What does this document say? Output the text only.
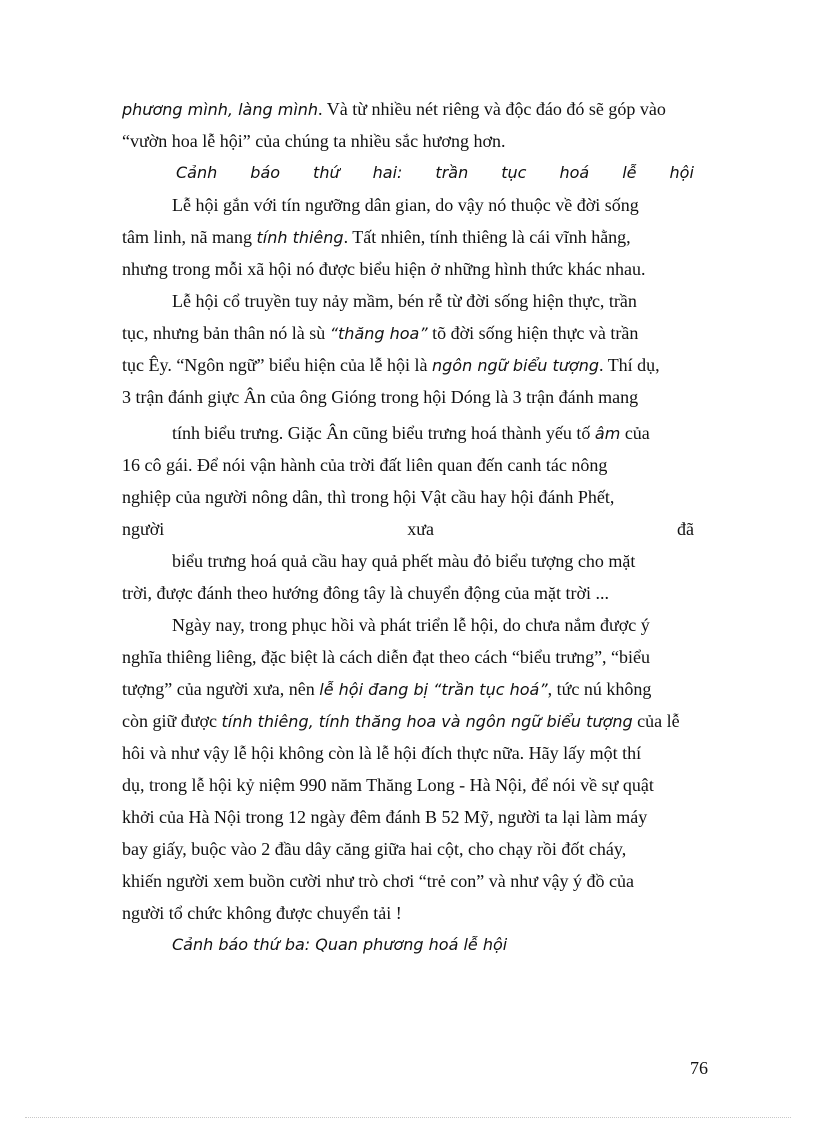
phương mình, làng mình. Và từ nhiều nét riêng và độc đáo đó sẽ góp vào
“vườn hoa lễ hội” của chúng ta nhiều sắc hương hơn.
Cảnh báo thứ hai: trần tục hoá lễ hội
Lễ hội gắn với tín ngưỡng dân gian, do vậy nó thuộc về đời sống
tâm linh, nã mang tính thiêng. Tất nhiên, tính thiêng là cái vĩnh hằng,
nhưng trong mỗi xã hội nó được biểu hiện ở những hình thức khác nhau.
Lễ hội cổ truyền tuy nảy mầm, bén rễ từ đời sống hiện thực, trần
tục, nhưng bản thân nó là sù “thăng hoa” tõ đời sống hiện thực và trần
tục Êy. “Ngôn ngữ” biểu hiện của lễ hội là ngôn ngữ biểu tượng. Thí dụ,
3 trận đánh giực Ân của ông Gióng trong hội Dóng là 3 trận đánh mang
tính biểu trưng. Giặc Ân cũng biểu trưng hoá thành yếu tố âm của
16 cô gái. Để nói vận hành của trời đất liên quan đến canh tác nông
nghiệp của người nông dân, thì trong hội Vật cầu hay hội đánh Phết,
người	xưa	đã
biểu trưng hoá quả cầu hay quả phết màu đỏ biểu tượng cho mặt
trời, được đánh theo hướng đông tây là chuyển động của mặt trời ...
Ngày nay, trong phục hồi và phát triển lễ hội, do chưa nắm được ý
nghĩa thiêng liêng, đặc biệt là cách diễn đạt theo cách “biểu trưng”, “biểu
tượng” của người xưa, nên lễ hội đang bị “trần tục hoá”, tức nú không
còn giữ được tính thiêng, tính thăng hoa và ngôn ngữ biểu tượng của lễ
hôi và như vậy lễ hội không còn là lễ hội đích thực nữa. Hãy lấy một thí
dụ, trong lễ hội kỷ niệm 990 năm Thăng Long - Hà Nội, để nói về sự quật
khởi của Hà Nội trong 12 ngày đêm đánh B 52 Mỹ, người ta lại làm máy
bay giấy, buộc vào 2 đầu dây căng giữa hai cột, cho chạy rồi đốt cháy,
khiến người xem buồn cười như trò chơi “trẻ con” và như vậy ý đồ của
người tổ chức không được chuyển tải !
Cảnh báo thứ ba: Quan phương hoá lễ hội
76
